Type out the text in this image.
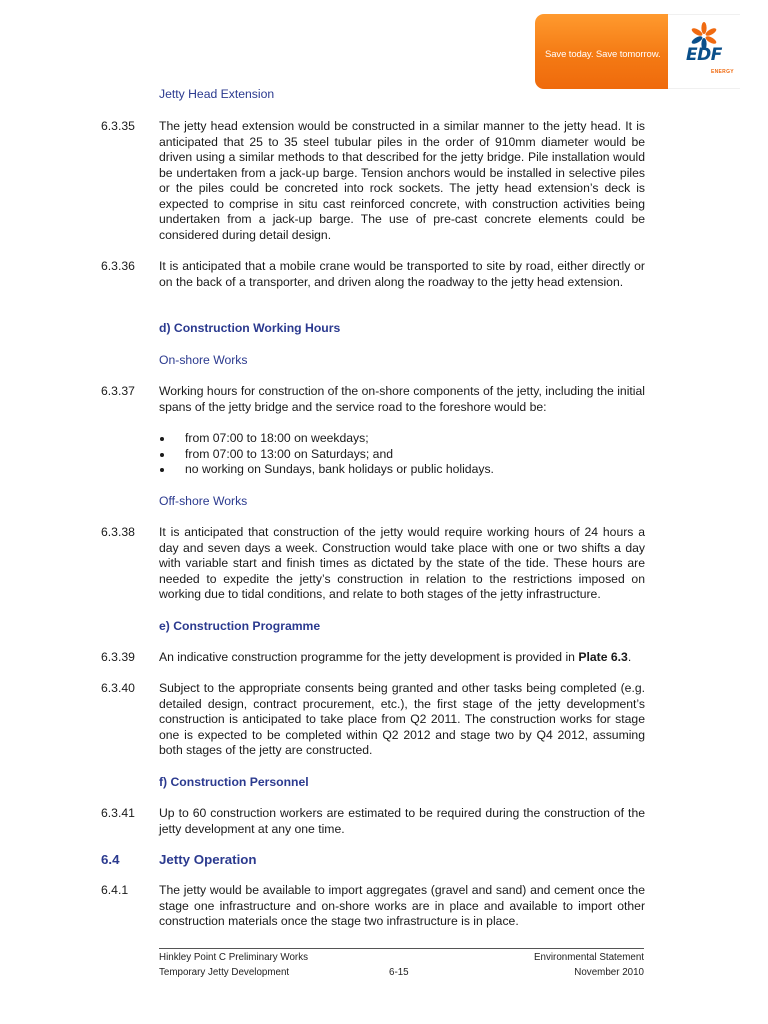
Save today. Save tomorrow.	EDF
ENERGY
Jetty Head Extension
6.3.35 The jetty head extension would be constructed in a similar manner to the jetty head. It is anticipated that 25 to 35 steel tubular piles in the order of 910mm diameter would be driven using a similar methods to that described for the jetty bridge. Pile installation would be undertaken from a jack-up barge. Tension anchors would be installed in selective piles or the piles could be concreted into rock sockets. The jetty head extension’s deck is expected to comprise in situ cast reinforced concrete, with construction activities being undertaken from a jack-up barge. The use of pre-cast concrete elements could be considered during detail design.
6.3.36 It is anticipated that a mobile crane would be transported to site by road, either directly or on the back of a transporter, and driven along the roadway to the jetty head extension.
d) Construction Working Hours
On-shore Works
6.3.37 Working hours for construction of the on-shore components of the jetty, including the initial spans of the jetty bridge and the service road to the foreshore would be:
from 07:00 to 18:00 on weekdays;
from 07:00 to 13:00 on Saturdays; and
no working on Sundays, bank holidays or public holidays.
Off-shore Works
6.3.38 It is anticipated that construction of the jetty would require working hours of 24 hours a day and seven days a week. Construction would take place with one or two shifts a day with variable start and finish times as dictated by the state of the tide. These hours are needed to expedite the jetty’s construction in relation to the restrictions imposed on working due to tidal conditions, and relate to both stages of the jetty infrastructure.
e) Construction Programme
6.3.39 An indicative construction programme for the jetty development is provided in Plate 6.3.
6.3.40 Subject to the appropriate consents being granted and other tasks being completed (e.g. detailed design, contract procurement, etc.), the first stage of the jetty development’s construction is anticipated to take place from Q2 2011. The construction works for stage one is expected to be completed within Q2 2012 and stage two by Q4 2012, assuming both stages of the jetty are constructed.
f) Construction Personnel
6.3.41 Up to 60 construction workers are estimated to be required during the construction of the jetty development at any one time.
6.4	Jetty Operation
6.4.1	The jetty would be available to import aggregates (gravel and sand) and cement once the stage one infrastructure and on-shore works are in place and available to import other construction materials once the stage two infrastructure is in place.
Hinkley Point C Preliminary Works
Temporary Jetty Development	6-15
Environmental Statement
November 2010
